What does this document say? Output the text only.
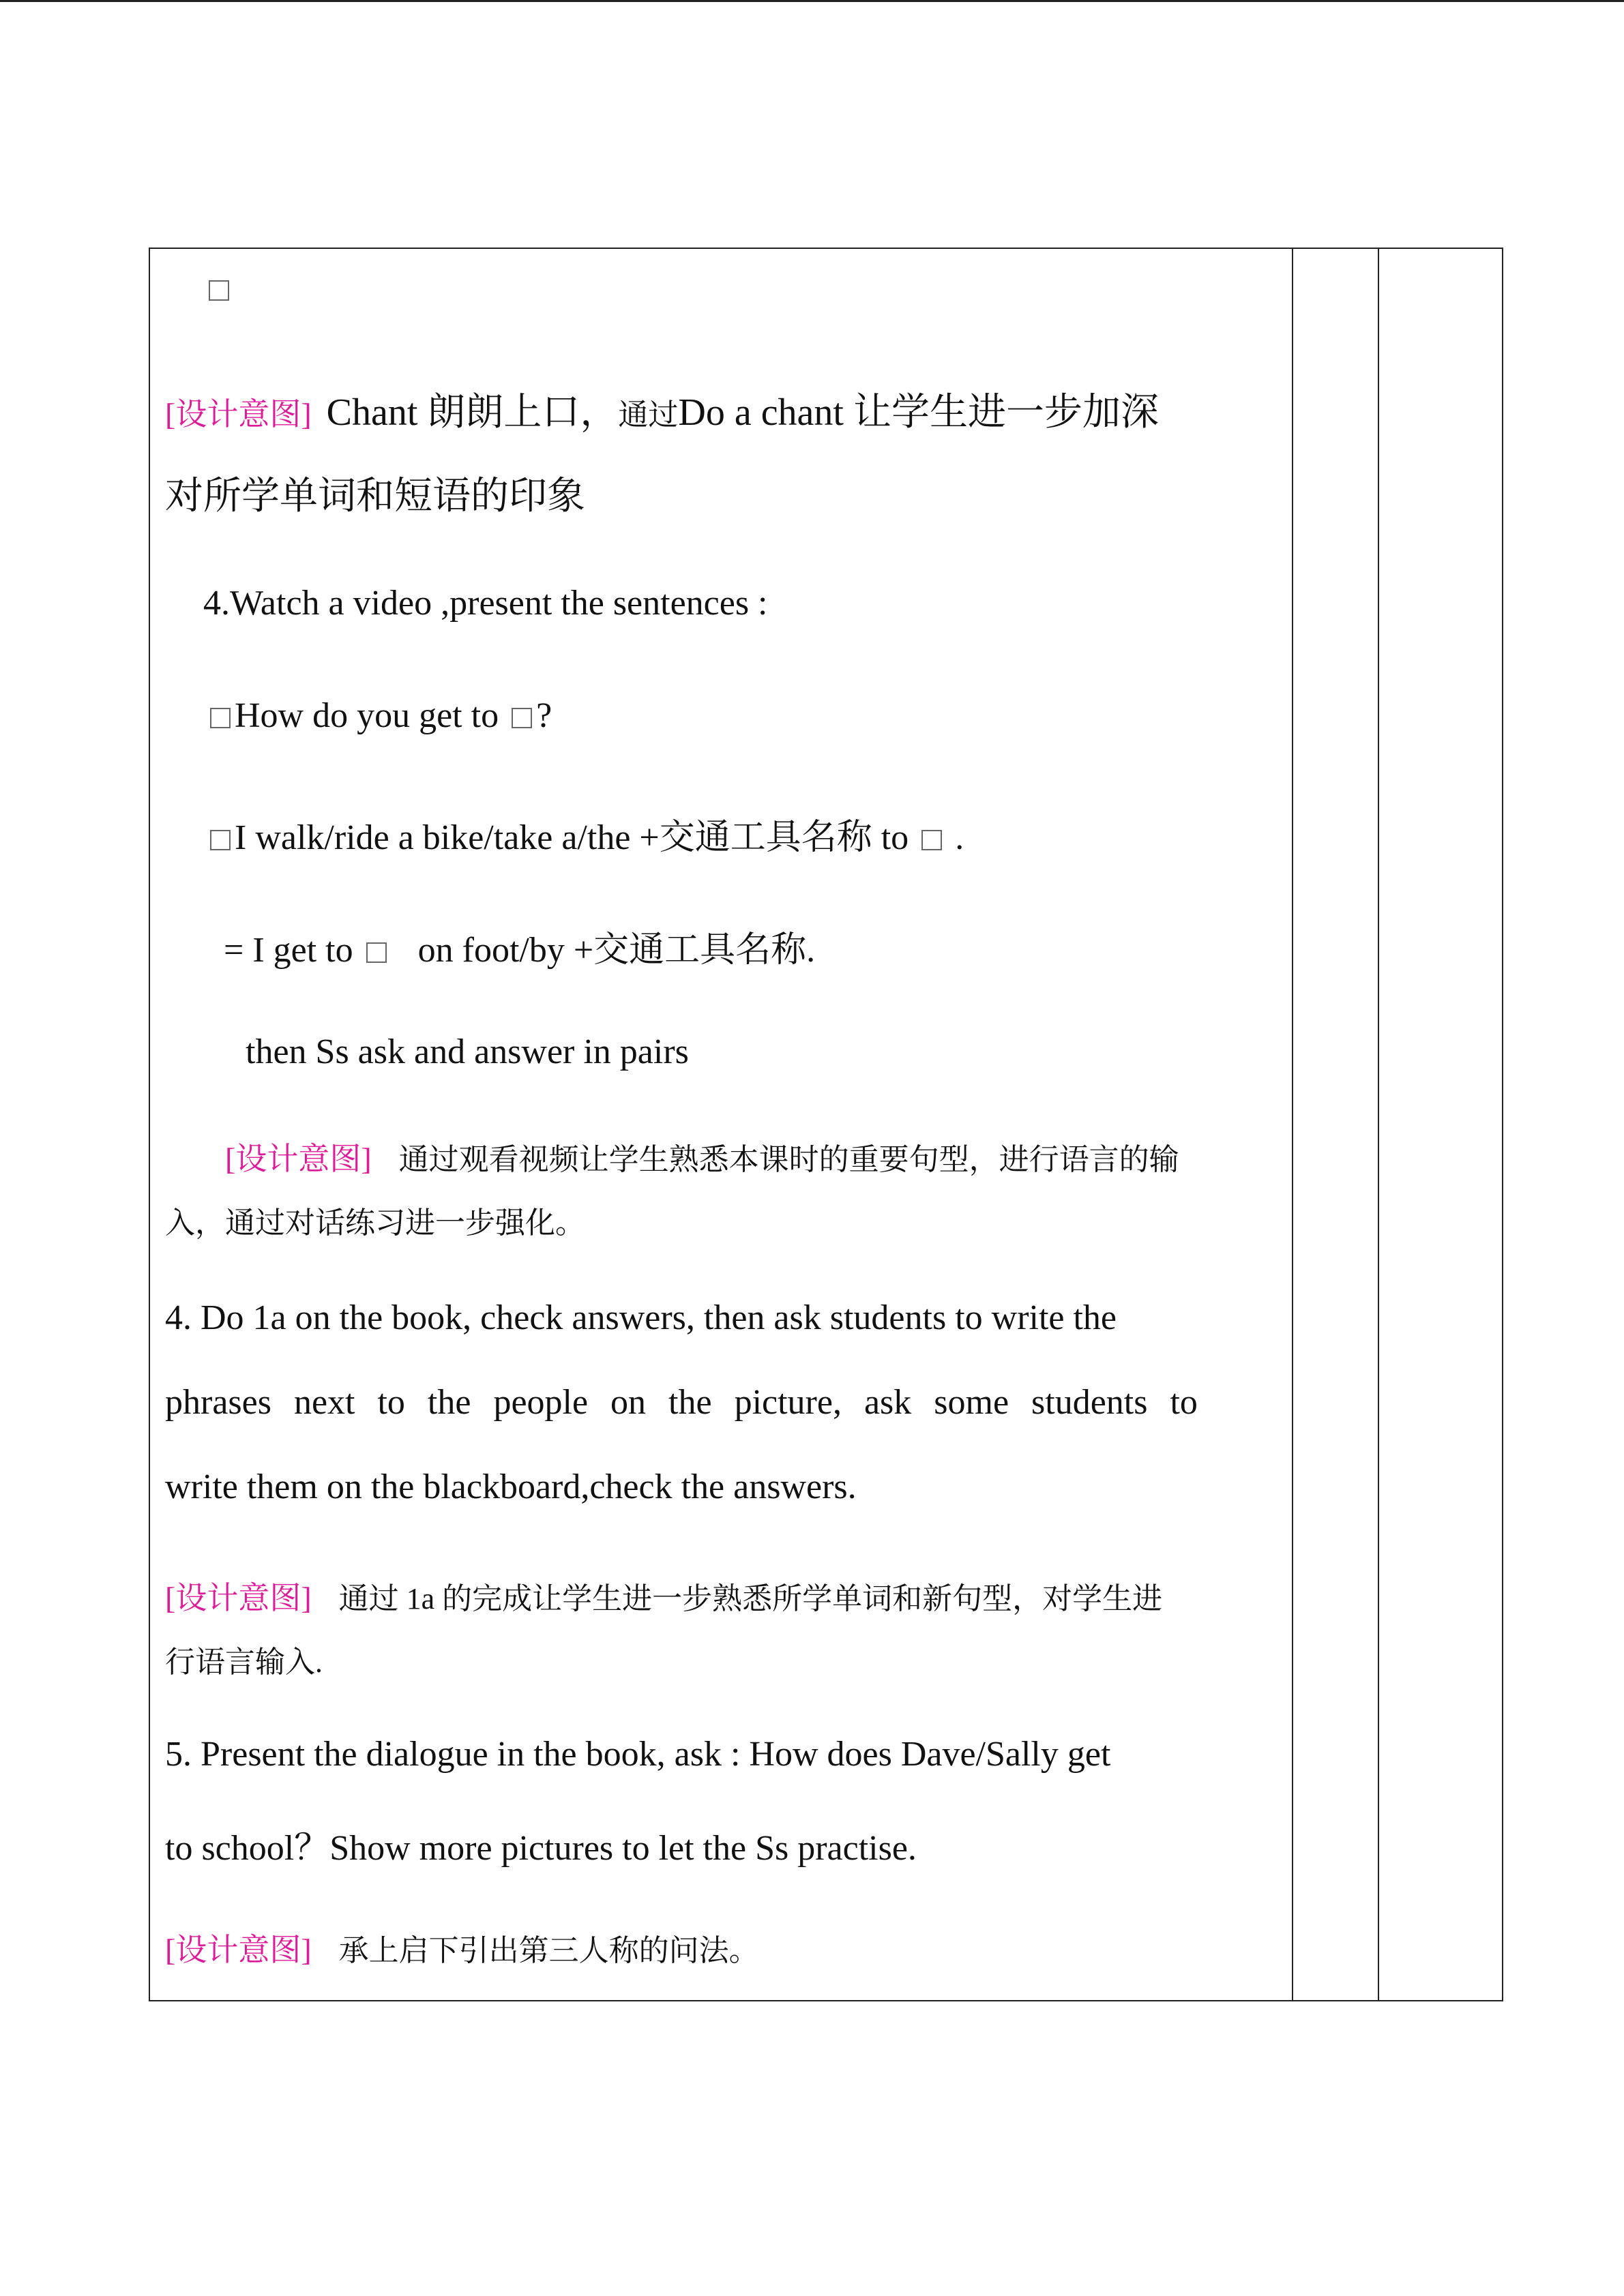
[设计意图] Chant 朗朗上口，通过Do a chant 让学生进一步加深
对所学单词和短语的印象
4.Watch a video ,present the sentences :
How do you get to ?
I walk/ride a bike/take a/the +交通工具名称 to  .
= I get to on foot/by +交通工具名称.
then Ss ask and answer in pairs
[设计意图] 通过观看视频让学生熟悉本课时的重要句型，进行语言的输
入，通过对话练习进一步强化。
4. Do 1a on the book, check answers, then ask students to write the
phrases next to the people on the picture, ask some students to
write them on the blackboard,check the answers.
[设计意图] 通过 1a 的完成让学生进一步熟悉所学单词和新句型，对学生进
行语言输入.
5. Present the dialogue in the book, ask : How does Dave/Sally get
to school？Show more pictures to let the Ss practise.
[设计意图] 承上启下引出第三人称的问法。
